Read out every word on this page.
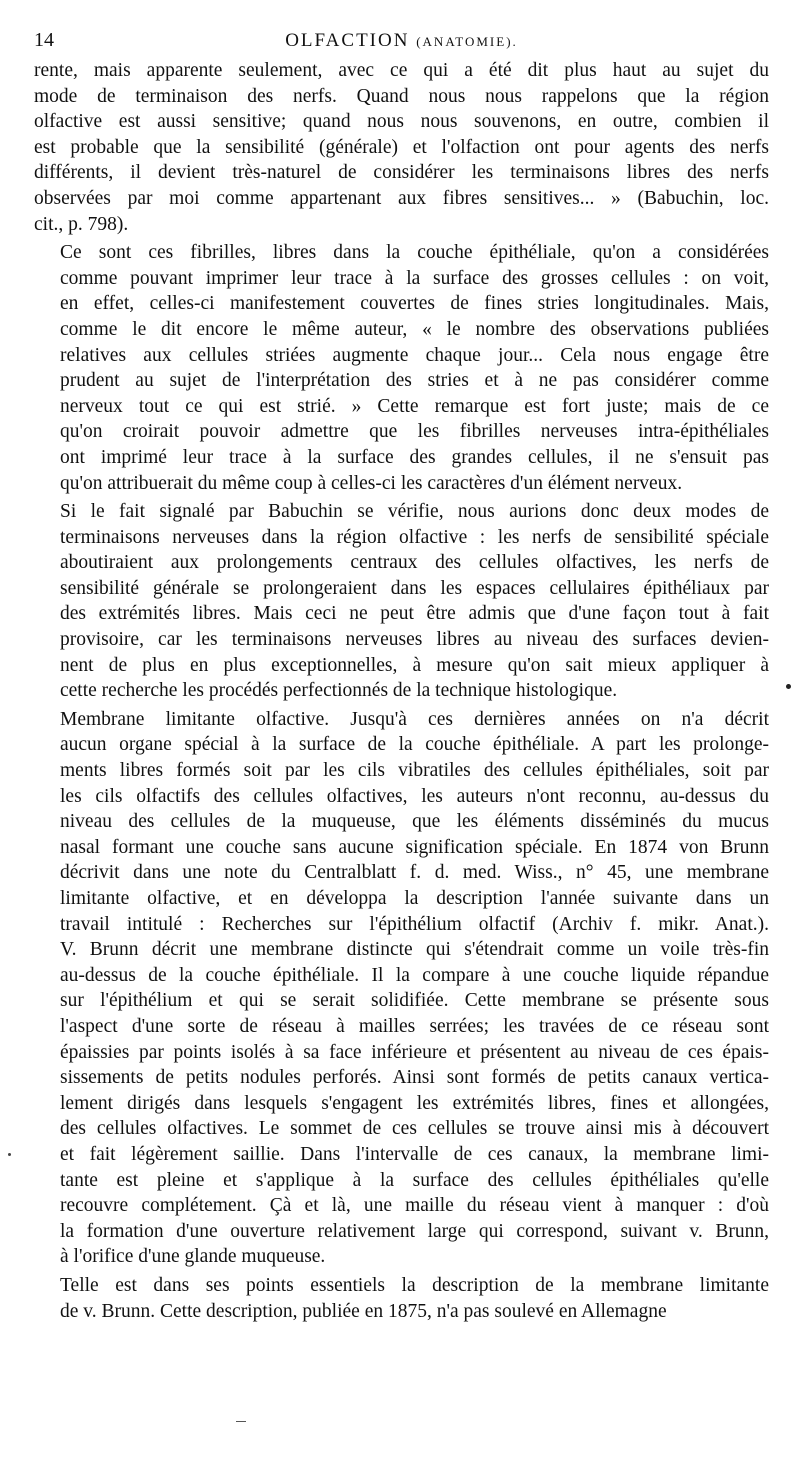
14	OLFACTION (ANATOMIE).
rente, mais apparente seulement, avec ce qui a été dit plus haut au sujet du
mode de terminaison des nerfs. Quand nous nous rappelons que la région
olfactive est aussi sensitive; quand nous nous souvenons, en outre, combien il
est probable que la sensibilité (générale) et l'olfaction ont pour agents des nerfs
différents, il devient très-naturel de considérer les terminaisons libres des nerfs
observées par moi comme appartenant aux fibres sensitives... » (Babuchin, loc.
cit., p. 798).
Ce sont ces fibrilles, libres dans la couche épithéliale, qu'on a considérées
comme pouvant imprimer leur trace à la surface des grosses cellules : on voit,
en effet, celles-ci manifestement couvertes de fines stries longitudinales. Mais,
comme le dit encore le même auteur, « le nombre des observations publiées
relatives aux cellules striées augmente chaque jour... Cela nous engage être
prudent au sujet de l'interprétation des stries et à ne pas considérer comme
nerveux tout ce qui est strié. » Cette remarque est fort juste; mais de ce
qu'on croirait pouvoir admettre que les fibrilles nerveuses intra-épithéliales
ont imprimé leur trace à la surface des grandes cellules, il ne s'ensuit pas
qu'on attribuerait du même coup à celles-ci les caractères d'un élément nerveux.
Si le fait signalé par Babuchin se vérifie, nous aurions donc deux modes de
terminaisons nerveuses dans la région olfactive : les nerfs de sensibilité spéciale
aboutiraient aux prolongements centraux des cellules olfactives, les nerfs de
sensibilité générale se prolongeraient dans les espaces cellulaires épithéliaux par
des extrémités libres. Mais ceci ne peut être admis que d'une façon tout à fait
provisoire, car les terminaisons nerveuses libres au niveau des surfaces devien-
nent de plus en plus exceptionnelles, à mesure qu'on sait mieux appliquer à
cette recherche les procédés perfectionnés de la technique histologique.
Membrane limitante olfactive. Jusqu'à ces dernières années on n'a décrit
aucun organe spécial à la surface de la couche épithéliale. A part les prolonge-
ments libres formés soit par les cils vibratiles des cellules épithéliales, soit par
les cils olfactifs des cellules olfactives, les auteurs n'ont reconnu, au-dessus du
niveau des cellules de la muqueuse, que les éléments disséminés du mucus
nasal formant une couche sans aucune signification spéciale. En 1874 von Brunn
décrivit dans une note du Centralblatt f. d. med. Wiss., n° 45, une membrane
limitante olfactive, et en développa la description l'année suivante dans un
travail intitulé : Recherches sur l'épithélium olfactif (Archiv f. mikr. Anat.).
V. Brunn décrit une membrane distincte qui s'étendrait comme un voile très-fin
au-dessus de la couche épithéliale. Il la compare à une couche liquide répandue
sur l'épithélium et qui se serait solidifiée. Cette membrane se présente sous
l'aspect d'une sorte de réseau à mailles serrées; les travées de ce réseau sont
épaissies par points isolés à sa face inférieure et présentent au niveau de ces épais-
sissements de petits nodules perforés. Ainsi sont formés de petits canaux vertica-
lement dirigés dans lesquels s'engagent les extrémités libres, fines et allongées,
des cellules olfactives. Le sommet de ces cellules se trouve ainsi mis à découvert
et fait légèrement saillie. Dans l'intervalle de ces canaux, la membrane limi-
tante est pleine et s'applique à la surface des cellules épithéliales qu'elle
recouvre complétement. Çà et là, une maille du réseau vient à manquer : d'où
la formation d'une ouverture relativement large qui correspond, suivant v. Brunn,
à l'orifice d'une glande muqueuse.
Telle est dans ses points essentiels la description de la membrane limitante
de v. Brunn. Cette description, publiée en 1875, n'a pas soulevé en Allemagne
